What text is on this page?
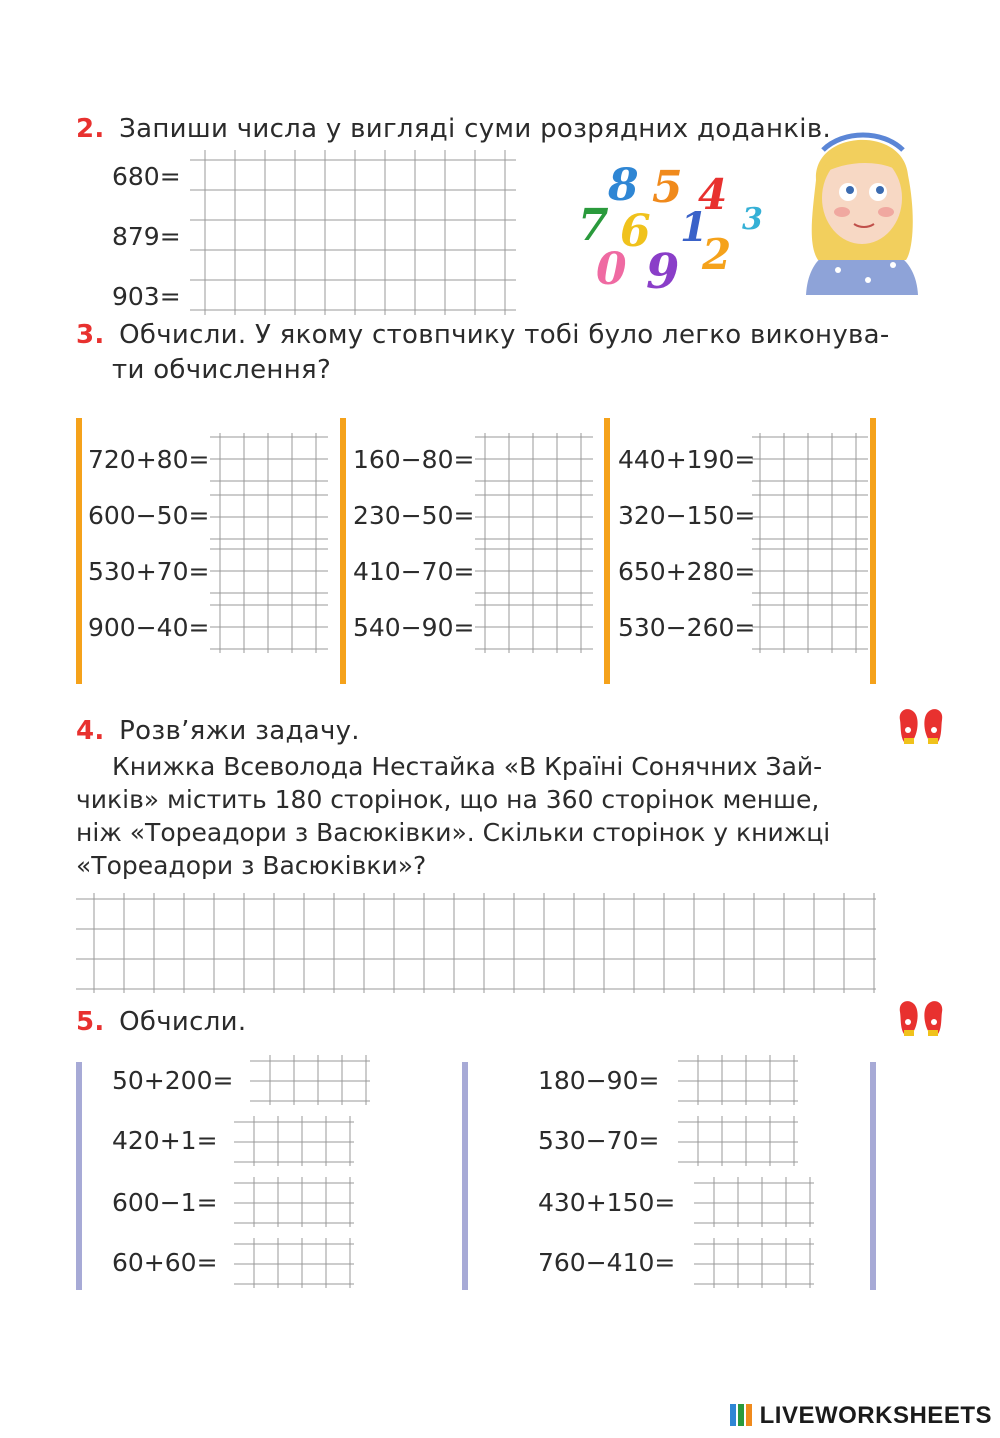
2. Запиши числа у вигляді суми розрядних доданків.
680=
879=
903=
8 5 4
7 6 1 3
0 9 2
3. Обчисли. У якому стовпчику тобі було легко виконува-
ти обчислення?
720+80=
600−50=
530+70=
900−40=
160−80=
230−50=
410−70=
540−90=
440+190=
320−150=
650+280=
530−260=
4. Розв’яжи задачу.
Книжка Всеволода Нестайка «В Країні Сонячних Зай-
чиків» містить 180 сторінок, що на 360 сторінок менше,
ніж «Тореадори з Васюківки». Скільки сторінок у книжці
«Тореадори з Васюківки»?
5. Обчисли.
50+200=
420+1=
600−1=
60+60=
180−90=
530−70=
430+150=
760−410=
LIVEWORKSHEETS
